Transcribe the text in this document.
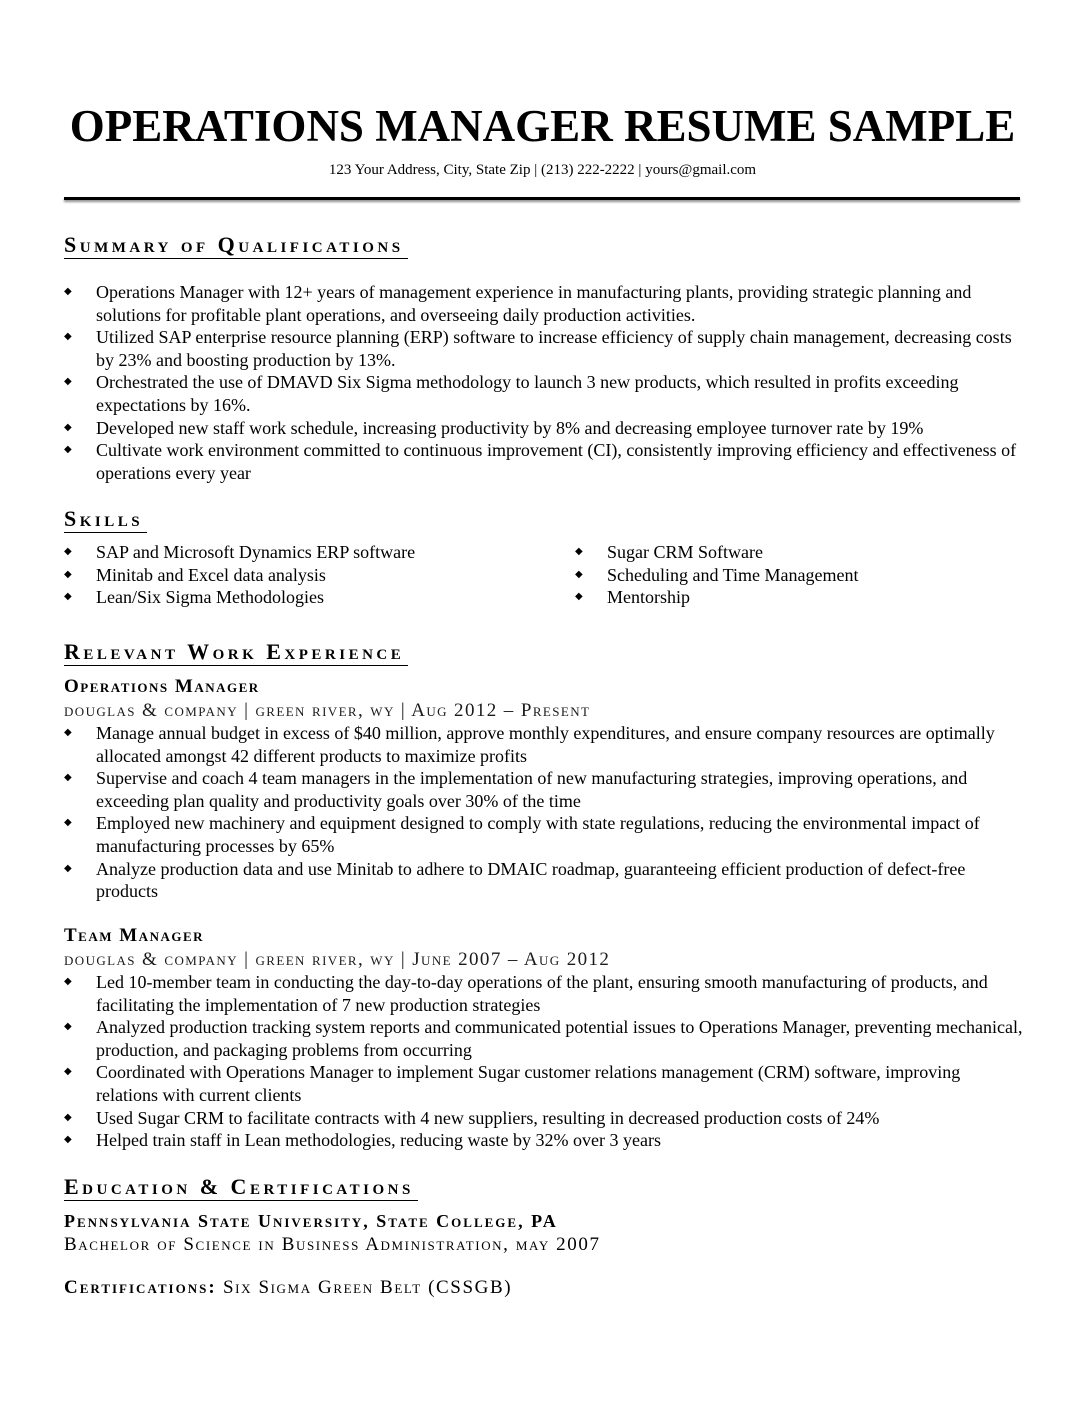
OPERATIONS MANAGER RESUME SAMPLE
123 Your Address, City, State Zip | (213) 222-2222 | yours@gmail.com
Summary of Qualifications
◆	Operations Manager with 12+ years of management experience in manufacturing plants, providing strategic planning and solutions for profitable plant operations, and overseeing daily production activities.
◆	Utilized SAP enterprise resource planning (ERP) software to increase efficiency of supply chain management, decreasing costs by 23% and boosting production by 13%.
◆	Orchestrated the use of DMAVD Six Sigma methodology to launch 3 new products, which resulted in profits exceeding expectations by 16%.
◆	Developed new staff work schedule, increasing productivity by 8% and decreasing employee turnover rate by 19%
◆	Cultivate work environment committed to continuous improvement (CI), consistently improving efficiency and effectiveness of operations every year
Skills
◆	SAP and Microsoft Dynamics ERP software
◆	Minitab and Excel data analysis
◆	Lean/Six Sigma Methodologies
◆	Sugar CRM Software
◆	Scheduling and Time Management
◆	Mentorship
Relevant Work Experience
Operations Manager
douglas & company | green river, wy | Aug 2012 – Present
◆	Manage annual budget in excess of $40 million, approve monthly expenditures, and ensure company resources are optimally allocated amongst 42 different products to maximize profits
◆	Supervise and coach 4 team managers in the implementation of new manufacturing strategies, improving operations, and exceeding plan quality and productivity goals over 30% of the time
◆	Employed new machinery and equipment designed to comply with state regulations, reducing the environmental impact of manufacturing processes by 65%
◆	Analyze production data and use Minitab to adhere to DMAIC roadmap, guaranteeing efficient production of defect-free products
Team Manager
douglas & company | green river, wy | June 2007 – Aug 2012
◆	Led 10-member team in conducting the day-to-day operations of the plant, ensuring smooth manufacturing of products, and facilitating the implementation of 7 new production strategies
◆	Analyzed production tracking system reports and communicated potential issues to Operations Manager, preventing mechanical, production, and packaging problems from occurring
◆	Coordinated with Operations Manager to implement Sugar customer relations management (CRM) software, improving relations with current clients
◆	Used Sugar CRM to facilitate contracts with 4 new suppliers, resulting in decreased production costs of 24%
◆	Helped train staff in Lean methodologies, reducing waste by 32% over 3 years
Education & Certifications
Pennsylvania State University, State College, PA
Bachelor of Science in Business Administration, may 2007
Certifications: Six Sigma Green Belt (CSSGB)
